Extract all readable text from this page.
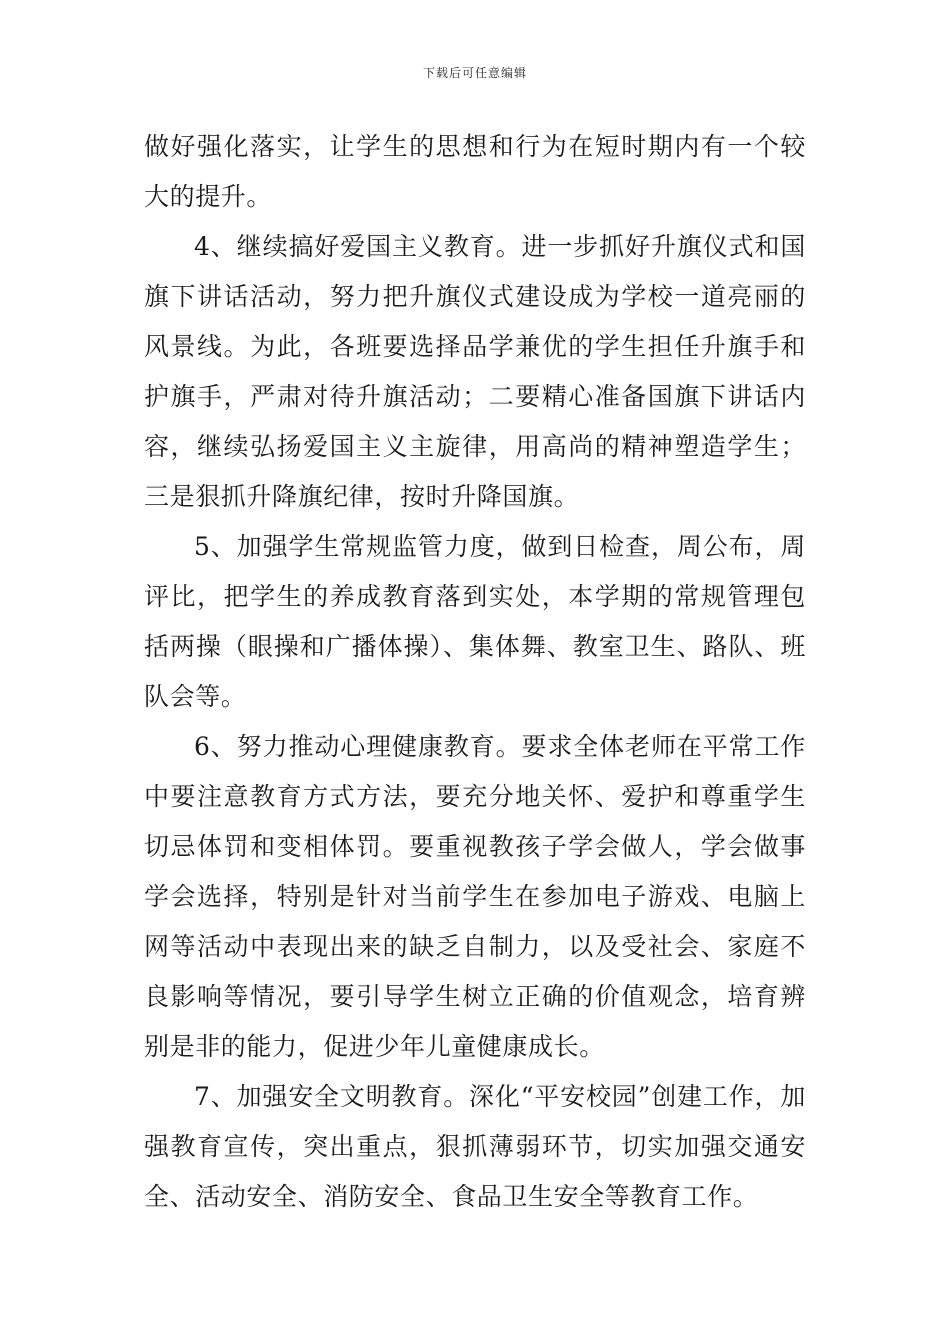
下载后可任意编辑

做好强化落实，让学生的思想和行为在短时期内有一个较大的提升。

4、继续搞好爱国主义教育。进一步抓好升旗仪式和国旗下讲话活动，努力把升旗仪式建设成为学校一道亮丽的风景线。为此，各班要选择品学兼优的学生担任升旗手和护旗手，严肃对待升旗活动；二要精心准备国旗下讲话内容，继续弘扬爱国主义主旋律，用高尚的精神塑造学生；三是狠抓升降旗纪律，按时升降国旗。

5、加强学生常规监管力度，做到日检查，周公布，周评比，把学生的养成教育落到实处，本学期的常规管理包括两操（眼操和广播体操）、集体舞、教室卫生、路队、班队会等。

6、努力推动心理健康教育。要求全体老师在平常工作中要注意教育方式方法，要充分地关怀、爱护和尊重学生切忌体罚和变相体罚。要重视教孩子学会做人，学会做事学会选择，特别是针对当前学生在参加电子游戏、电脑上网等活动中表现出来的缺乏自制力，以及受社会、家庭不良影响等情况，要引导学生树立正确的价值观念，培育辨别是非的能力，促进少年儿童健康成长。

7、加强安全文明教育。深化“平安校园”创建工作，加强教育宣传，突出重点，狠抓薄弱环节，切实加强交通安全、活动安全、消防安全、食品卫生安全等教育工作。
